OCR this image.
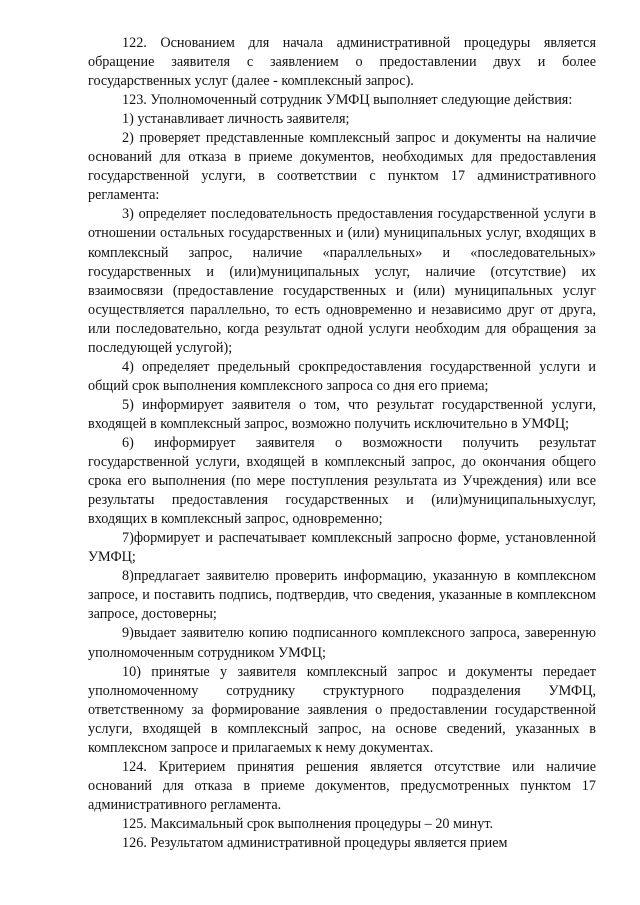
122. Основанием для начала административной процедуры является обращение заявителя с заявлением о предоставлении двух и более государственных услуг (далее - комплексный запрос).

123. Уполномоченный сотрудник УМФЦ выполняет следующие действия:

1) устанавливает личность заявителя;

2) проверяет представленные комплексный запрос и документы на наличие оснований для отказа в приеме документов, необходимых для предоставления государственной услуги, в соответствии с пунктом 17 административного регламента:

3) определяет последовательность предоставления государственной услуги в отношении остальных государственных и (или) муниципальных услуг, входящих в комплексный запрос, наличие «параллельных» и «последовательных» государственных и (или)муниципальных услуг, наличие (отсутствие) их взаимосвязи (предоставление государственных и (или) муниципальных услуг осуществляется параллельно, то есть одновременно и независимо друг от друга, или последовательно, когда результат одной услуги необходим для обращения за последующей услугой);

4) определяет предельный срокпредоставления государственной услуги и общий срок выполнения комплексного запроса со дня его приема;

5) информирует заявителя о том, что результат государственной услуги, входящей в комплексный запрос, возможно получить исключительно в УМФЦ;

6) информирует заявителя о возможности получить результат государственной услуги, входящей в комплексный запрос, до окончания общего срока его выполнения (по мере поступления результата из Учреждения) или все результаты предоставления государственных и (или)муниципальныхуслуг, входящих в комплексный запрос, одновременно;

7)формирует и распечатывает комплексный запросно форме, установленной УМФЦ;

8)предлагает заявителю проверить информацию, указанную в комплексном запросе, и поставить подпись, подтвердив, что сведения, указанные в комплексном запросе, достоверны;

9)выдает заявителю копию подписанного комплексного запроса, заверенную уполномоченным сотрудником УМФЦ;

10) принятые у заявителя комплексный запрос и документы передает уполномоченному сотруднику структурного подразделения УМФЦ, ответственному за формирование заявления о предоставлении государственной услуги, входящей в комплексный запрос, на основе сведений, указанных в комплексном запросе и прилагаемых к нему документах.

124. Критерием принятия решения является отсутствие или наличие оснований для отказа в приеме документов, предусмотренных пунктом 17 административного регламента.

125. Максимальный срок выполнения процедуры – 20 минут.

126. Результатом административной процедуры является прием
